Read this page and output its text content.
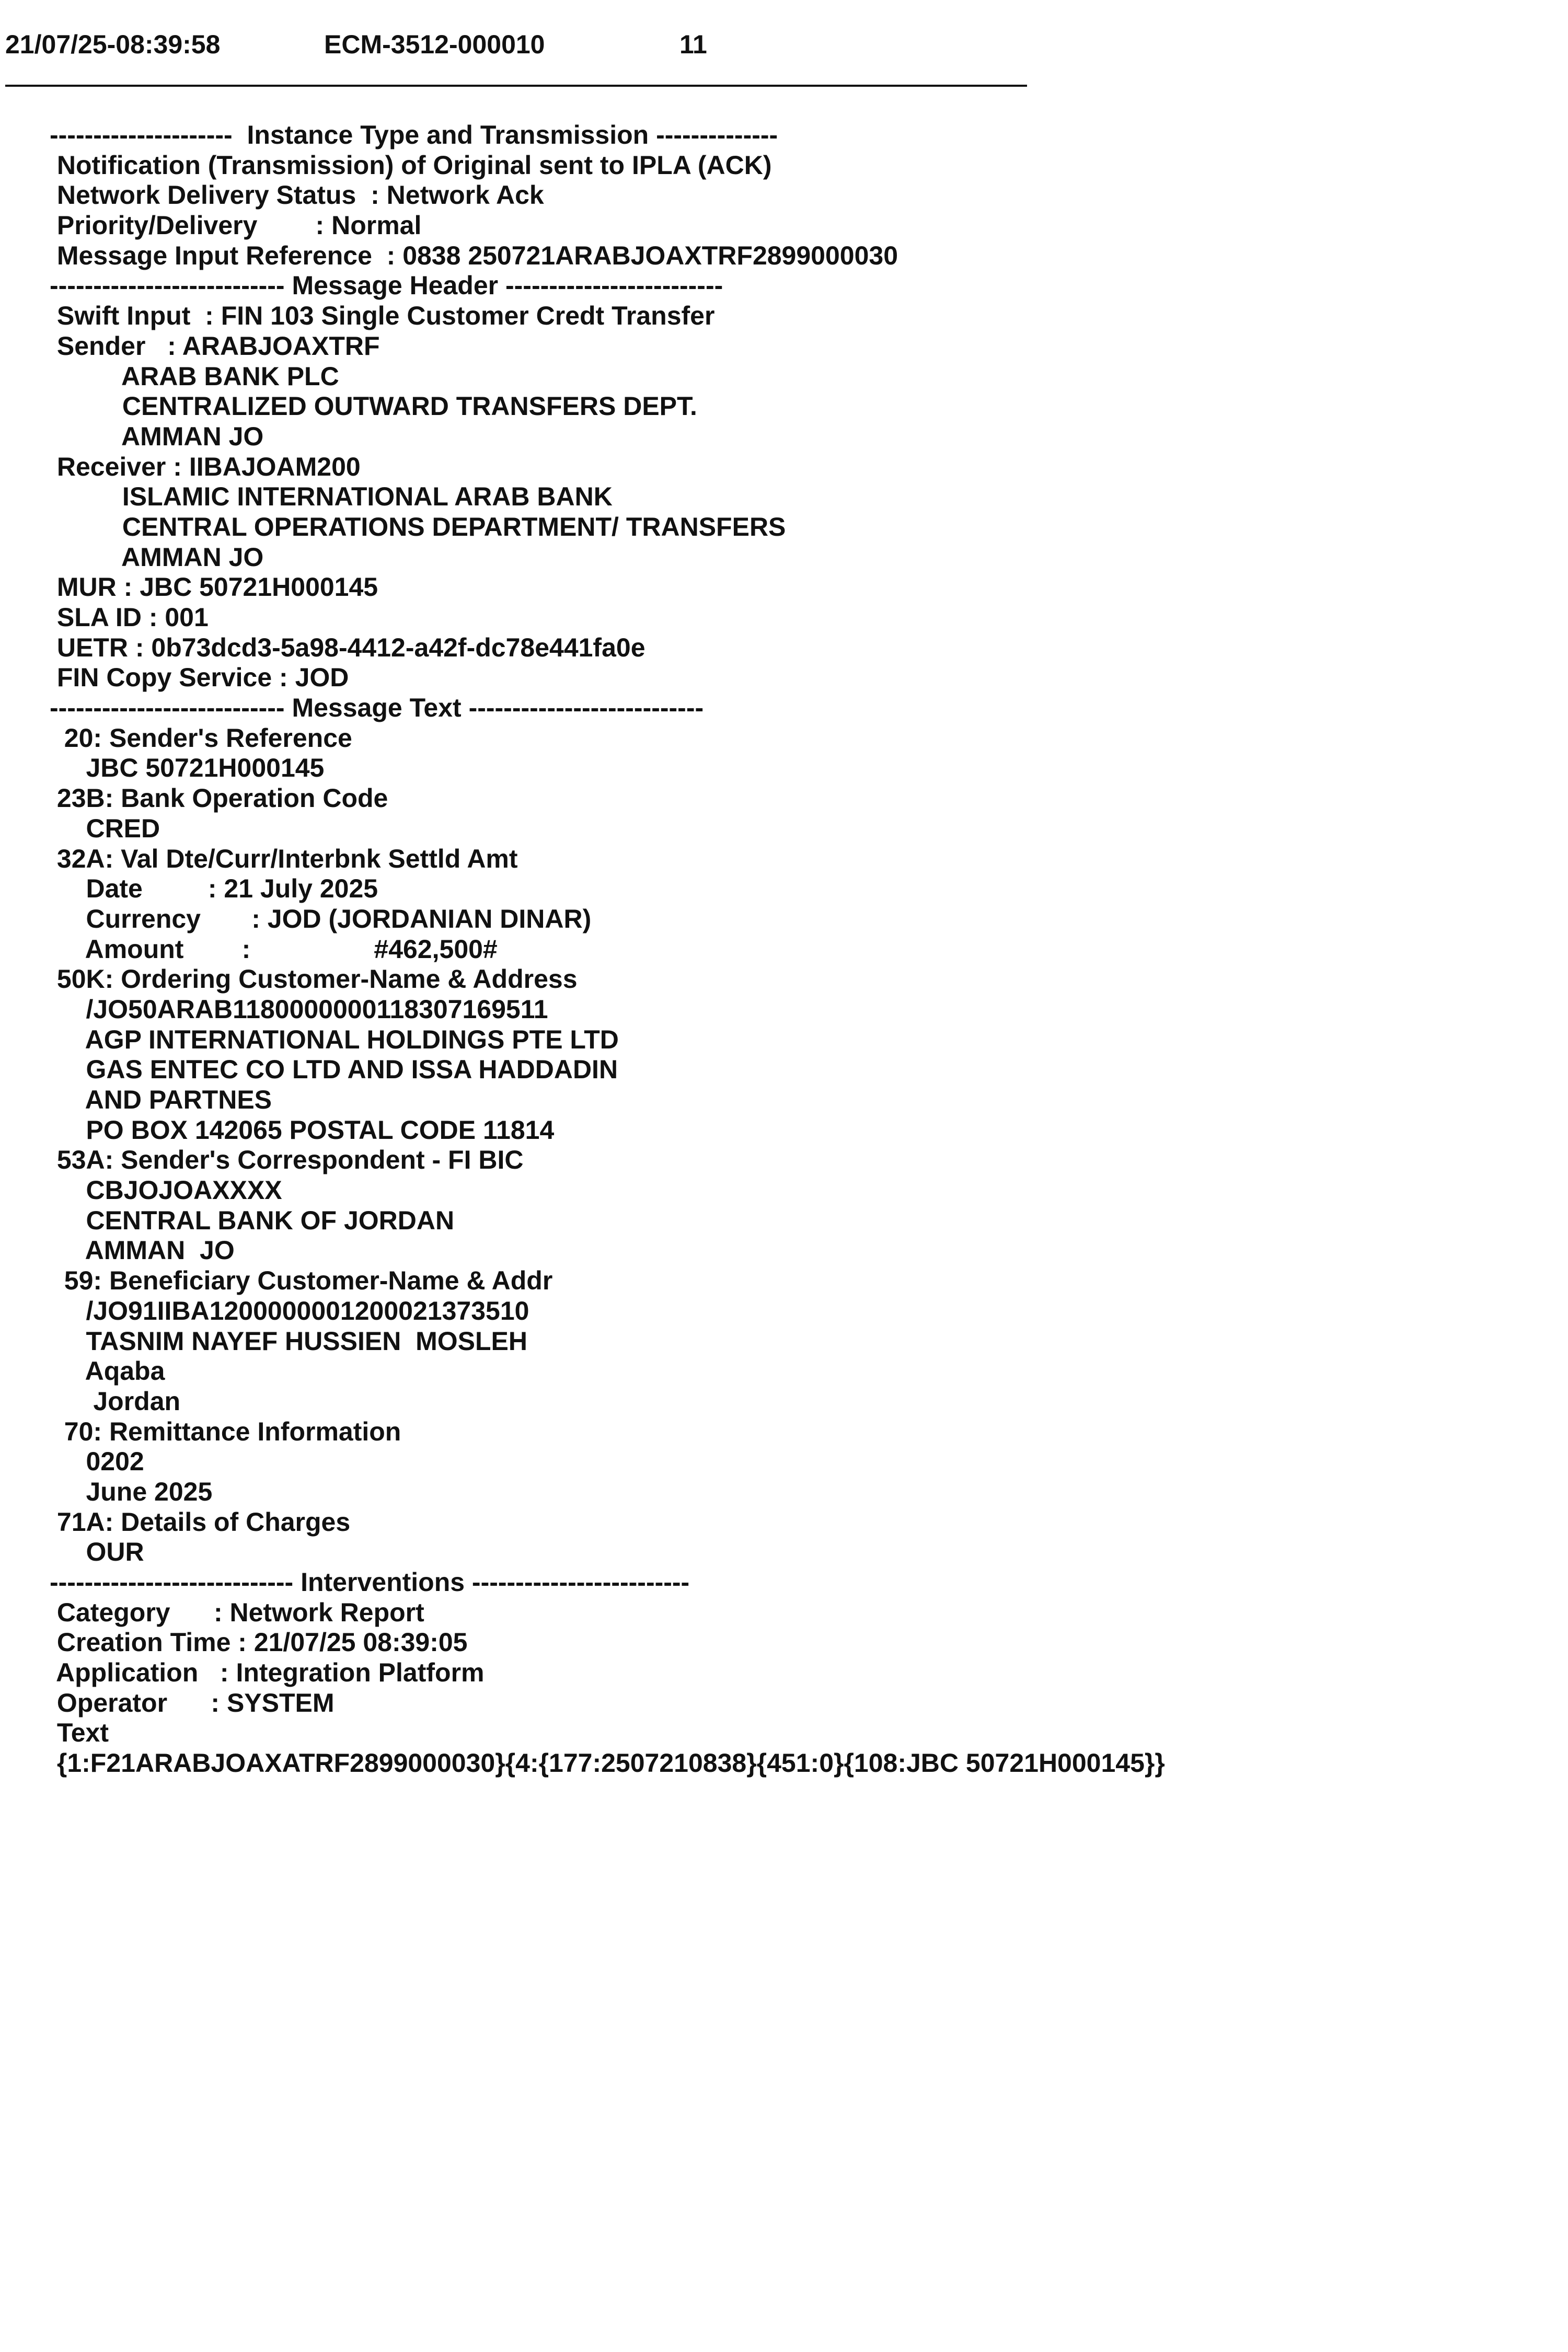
21/07/25-08:39:58

	ECM-3512-000010

	11

---------------------  Instance Type and Transmission --------------
Notification (Transmission) of Original sent to IPLA (ACK)
Network Delivery Status  : Network Ack
Priority/Delivery        : Normal
Message Input Reference  : 0838 250721ARABJOAXTRF2899000030
--------------------------- Message Header -------------------------
Swift Input  : FIN 103 Single Customer Credt Transfer
Sender   : ARABJOAXTRF
ARAB BANK PLC
CENTRALIZED OUTWARD TRANSFERS DEPT.
AMMAN JO
Receiver : IIBAJOAM200
ISLAMIC INTERNATIONAL ARAB BANK
CENTRAL OPERATIONS DEPARTMENT/ TRANSFERS
AMMAN JO
MUR : JBC 50721H000145
SLA ID : 001
UETR : 0b73dcd3-5a98-4412-a42f-dc78e441fa0e
FIN Copy Service : JOD
--------------------------- Message Text ---------------------------
20: Sender's Reference
JBC 50721H000145
23B: Bank Operation Code
CRED
32A: Val Dte/Curr/Interbnk Settld Amt
Date         : 21 July 2025
Currency       : JOD (JORDANIAN DINAR)
Amount        :                 #462,500#
50K: Ordering Customer-Name & Address
/JO50ARAB1180000000118307169511
AGP INTERNATIONAL HOLDINGS PTE LTD
GAS ENTEC CO LTD AND ISSA HADDADIN
AND PARTNES
PO BOX 142065 POSTAL CODE 11814
53A: Sender's Correspondent - FI BIC
CBJOJOAXXXX
CENTRAL BANK OF JORDAN
AMMAN  JO
59: Beneficiary Customer-Name & Addr
/JO91IIBA1200000001200021373510
TASNIM NAYEF HUSSIEN  MOSLEH
Aqaba
Jordan
70: Remittance Information
0202
June 2025
71A: Details of Charges
OUR
---------------------------- Interventions -------------------------
Category      : Network Report
Creation Time : 21/07/25 08:39:05
Application   : Integration Platform
Operator      : SYSTEM
Text
{1:F21ARABJOAXATRF2899000030}{4:{177:2507210838}{451:0}{108:JBC 50721H000145}}
